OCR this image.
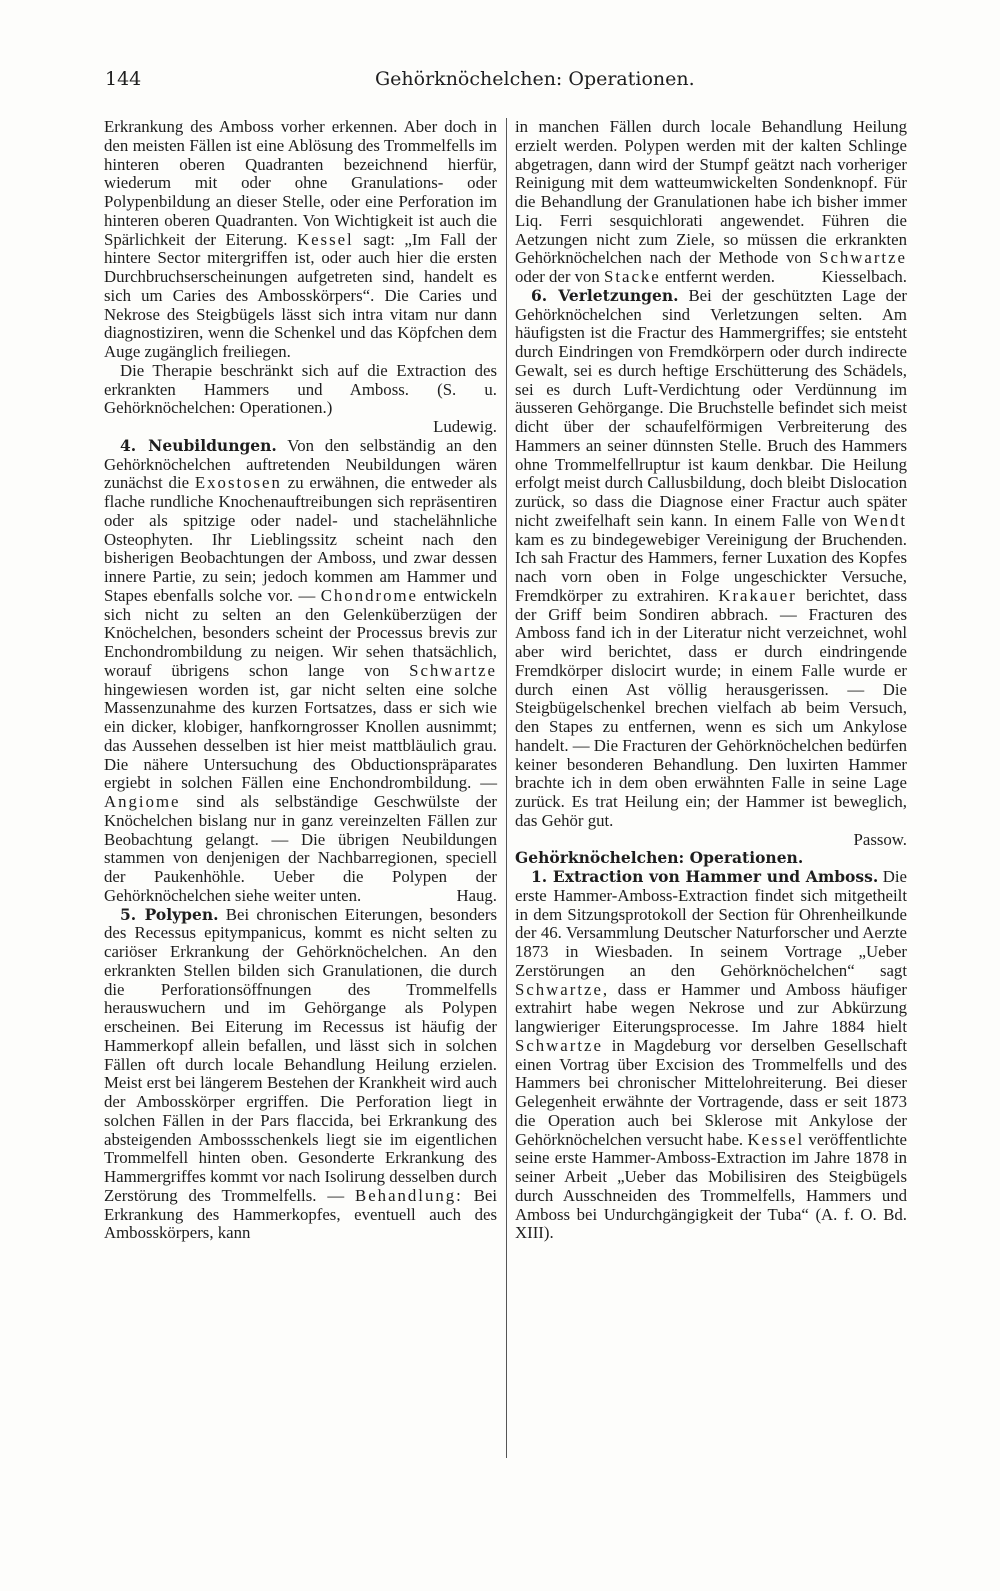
144	Gehörknöchelchen: Operationen.

Erkrankung des Amboss vorher erkennen. Aber doch in den meisten Fällen ist eine Ablösung des Trommelfells im hinteren oberen Quadranten bezeichnend hierfür, wiederum mit oder ohne Granulations- oder Polypenbildung an dieser Stelle, oder eine Perforation im hinteren oberen Quadranten. Von Wichtigkeit ist auch die Spärlichkeit der Eiterung. Kessel sagt: „Im Fall der hintere Sector mitergriffen ist, oder auch hier die ersten Durchbruchserscheinungen aufgetreten sind, handelt es sich um Caries des Ambosskörpers“. Die Caries und Nekrose des Steigbügels lässt sich intra vitam nur dann diagnostiziren, wenn die Schenkel und das Köpfchen dem Auge zugänglich freiliegen.

Die Therapie beschränkt sich auf die Extraction des erkrankten Hammers und Amboss. (S. u. Gehörknöchelchen: Operationen.)

Ludewig.

4. Neubildungen. Von den selbständig an den Gehörknöchelchen auftretenden Neubildungen wären zunächst die Exostosen zu erwähnen, die entweder als flache rundliche Knochenauftreibungen sich repräsentiren oder als spitzige oder nadel- und stachelähnliche Osteophyten. Ihr Lieblingssitz scheint nach den bisherigen Beobachtungen der Amboss, und zwar dessen innere Partie, zu sein; jedoch kommen am Hammer und Stapes ebenfalls solche vor. — Chondrome entwickeln sich nicht zu selten an den Gelenküberzügen der Knöchelchen, besonders scheint der Processus brevis zur Enchondrombildung zu neigen. Wir sehen thatsächlich, worauf übrigens schon lange von Schwartze hingewiesen worden ist, gar nicht selten eine solche Massenzunahme des kurzen Fortsatzes, dass er sich wie ein dicker, klobiger, hanfkorngrosser Knollen ausnimmt; das Aussehen desselben ist hier meist mattbläulich grau. Die nähere Untersuchung des Obductionspräparates ergiebt in solchen Fällen eine Enchondrombildung. — Angiome sind als selbständige Geschwülste der Knöchelchen bislang nur in ganz vereinzelten Fällen zur Beobachtung gelangt. — Die übrigen Neubildungen stammen von denjenigen der Nachbarregionen, speciell der Paukenhöhle. Ueber die Polypen der Gehörknöchelchen siehe weiter unten.	Haug.

5. Polypen. Bei chronischen Eiterungen, besonders des Recessus epitympanicus, kommt es nicht selten zu cariöser Erkrankung der Gehörknöchelchen. An den erkrankten Stellen bilden sich Granulationen, die durch die Perforationsöffnungen des Trommelfells herauswuchern und im Gehörgange als Polypen erscheinen. Bei Eiterung im Recessus ist häufig der Hammerkopf allein befallen, und lässt sich in solchen Fällen oft durch locale Behandlung Heilung erzielen. Meist erst bei längerem Bestehen der Krankheit wird auch der Ambosskörper ergriffen. Die Perforation liegt in solchen Fällen in der Pars flaccida, bei Erkrankung des absteigenden Ambossschenkels liegt sie im eigentlichen Trommelfell hinten oben. Gesonderte Erkrankung des Hammergriffes kommt vor nach Isolirung desselben durch Zerstörung des Trommelfells. — Behandlung: Bei Erkrankung des Hammerkopfes, eventuell auch des Ambosskörpers, kann

in manchen Fällen durch locale Behandlung Heilung erzielt werden. Polypen werden mit der kalten Schlinge abgetragen, dann wird der Stumpf geätzt nach vorheriger Reinigung mit dem watteumwickelten Sondenknopf. Für die Behandlung der Granulationen habe ich bisher immer Liq. Ferri sesquichlorati angewendet. Führen die Aetzungen nicht zum Ziele, so müssen die erkrankten Gehörknöchelchen nach der Methode von Schwartze oder der von Stacke entfernt werden.	Kiesselbach.

6. Verletzungen. Bei der geschützten Lage der Gehörknöchelchen sind Verletzungen selten. Am häufigsten ist die Fractur des Hammergriffes; sie entsteht durch Eindringen von Fremdkörpern oder durch indirecte Gewalt, sei es durch heftige Erschütterung des Schädels, sei es durch Luft-Verdichtung oder Verdünnung im äusseren Gehörgange. Die Bruchstelle befindet sich meist dicht über der schaufelförmigen Verbreiterung des Hammers an seiner dünnsten Stelle. Bruch des Hammers ohne Trommelfellruptur ist kaum denkbar. Die Heilung erfolgt meist durch Callusbildung, doch bleibt Dislocation zurück, so dass die Diagnose einer Fractur auch später nicht zweifelhaft sein kann. In einem Falle von Wendt kam es zu bindegewebiger Vereinigung der Bruchenden. Ich sah Fractur des Hammers, ferner Luxation des Kopfes nach vorn oben in Folge ungeschickter Versuche, Fremdkörper zu extrahiren. Krakauer berichtet, dass der Griff beim Sondiren abbrach. — Fracturen des Amboss fand ich in der Literatur nicht verzeichnet, wohl aber wird berichtet, dass er durch eindringende Fremdkörper dislocirt wurde; in einem Falle wurde er durch einen Ast völlig herausgerissen. — Die Steigbügelschenkel brechen vielfach ab beim Versuch, den Stapes zu entfernen, wenn es sich um Ankylose handelt. — Die Fracturen der Gehörknöchelchen bedürfen keiner besonderen Behandlung. Den luxirten Hammer brachte ich in dem oben erwähnten Falle in seine Lage zurück. Es trat Heilung ein; der Hammer ist beweglich, das Gehör gut.

Passow.

Gehörknöchelchen: Operationen.

1. Extraction von Hammer und Amboss. Die erste Hammer-Amboss-Extraction findet sich mitgetheilt in dem Sitzungsprotokoll der Section für Ohrenheilkunde der 46. Versammlung Deutscher Naturforscher und Aerzte 1873 in Wiesbaden. In seinem Vortrage „Ueber Zerstörungen an den Gehörknöchelchen“ sagt Schwartze, dass er Hammer und Amboss häufiger extrahirt habe wegen Nekrose und zur Abkürzung langwieriger Eiterungsprocesse. Im Jahre 1884 hielt Schwartze in Magdeburg vor derselben Gesellschaft einen Vortrag über Excision des Trommelfells und des Hammers bei chronischer Mittelohreiterung. Bei dieser Gelegenheit erwähnte der Vortragende, dass er seit 1873 die Operation auch bei Sklerose mit Ankylose der Gehörknöchelchen versucht habe. Kessel veröffentlichte seine erste Hammer-Amboss-Extraction im Jahre 1878 in seiner Arbeit „Ueber das Mobilisiren des Steigbügels durch Ausschneiden des Trommelfells, Hammers und Amboss bei Undurchgängigkeit der Tuba“ (A. f. O. Bd. XIII).
